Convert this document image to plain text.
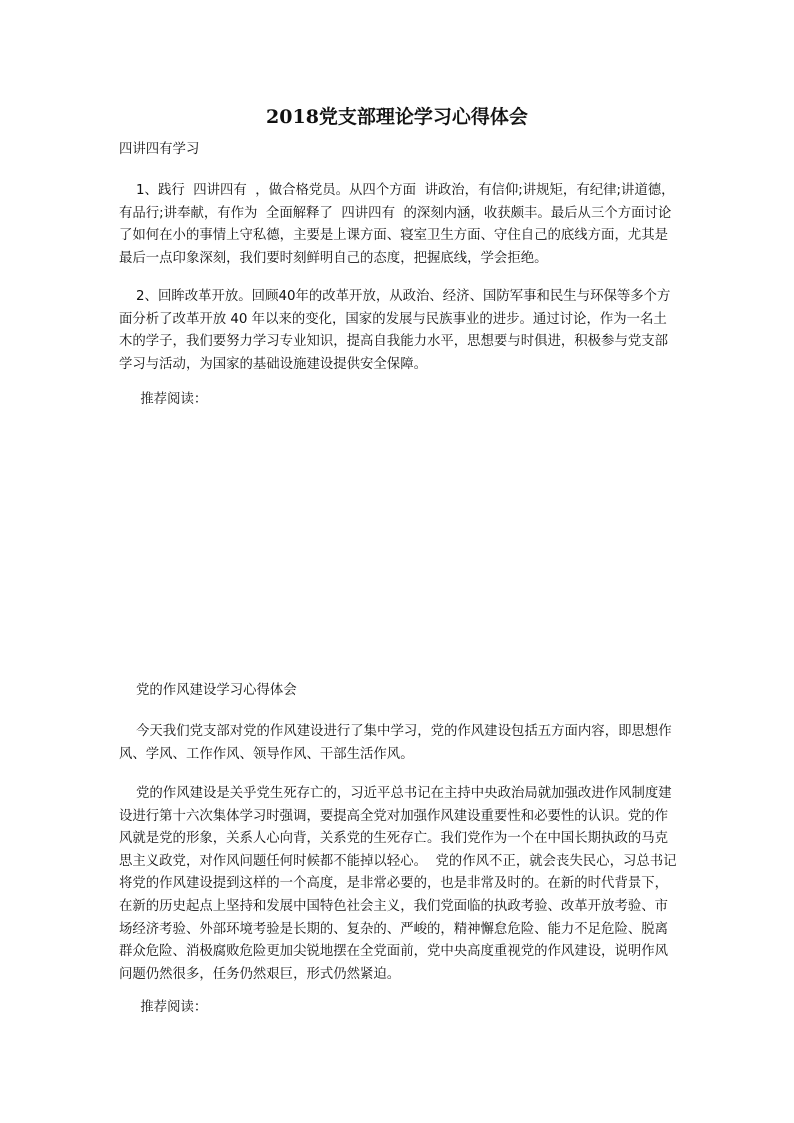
2018党支部理论学习心得体会

四讲四有学习

1、践行  四讲四有  ，做合格党员。从四个方面  讲政治，有信仰;讲规矩，有纪律;讲道德，有品行;讲奉献，有作为  全面解释了  四讲四有  的深刻内涵，收获颇丰。最后从三个方面讨论了如何在小的事情上守私德，主要是上课方面、寝室卫生方面、守住自己的底线方面，尤其是最后一点印象深刻，我们要时刻鲜明自己的态度，把握底线，学会拒绝。

2、回眸改革开放。回顾40年的改革开放，从政治、经济、国防军事和民生与环保等多个方面分析了改革开放 40 年以来的变化，国家的发展与民族事业的进步。通过讨论，作为一名土木的学子，我们要努力学习专业知识，提高自我能力水平，思想要与时俱进，积极参与党支部学习与活动，为国家的基础设施建设提供安全保障。

推荐阅读：

党的作风建设学习心得体会

今天我们党支部对党的作风建设进行了集中学习，党的作风建设包括五方面内容，即思想作风、学风、工作作风、领导作风、干部生活作风。

党的作风建设是关乎党生死存亡的，习近平总书记在主持中央政治局就加强改进作风制度建设进行第十六次集体学习时强调，要提高全党对加强作风建设重要性和必要性的认识。党的作风就是党的形象，关系人心向背，关系党的生死存亡。我们党作为一个在中国长期执政的马克思主义政党，对作风问题任何时候都不能掉以轻心。  党的作风不正，就会丧失民心，习总书记将党的作风建设提到这样的一个高度，是非常必要的，也是非常及时的。在新的时代背景下，在新的历史起点上坚持和发展中国特色社会主义，我们党面临的执政考验、改革开放考验、市场经济考验、外部环境考验是长期的、复杂的、严峻的，精神懈怠危险、能力不足危险、脱离群众危险、消极腐败危险更加尖锐地摆在全党面前，党中央高度重视党的作风建设，说明作风问题仍然很多，任务仍然艰巨，形式仍然紧迫。

推荐阅读：
